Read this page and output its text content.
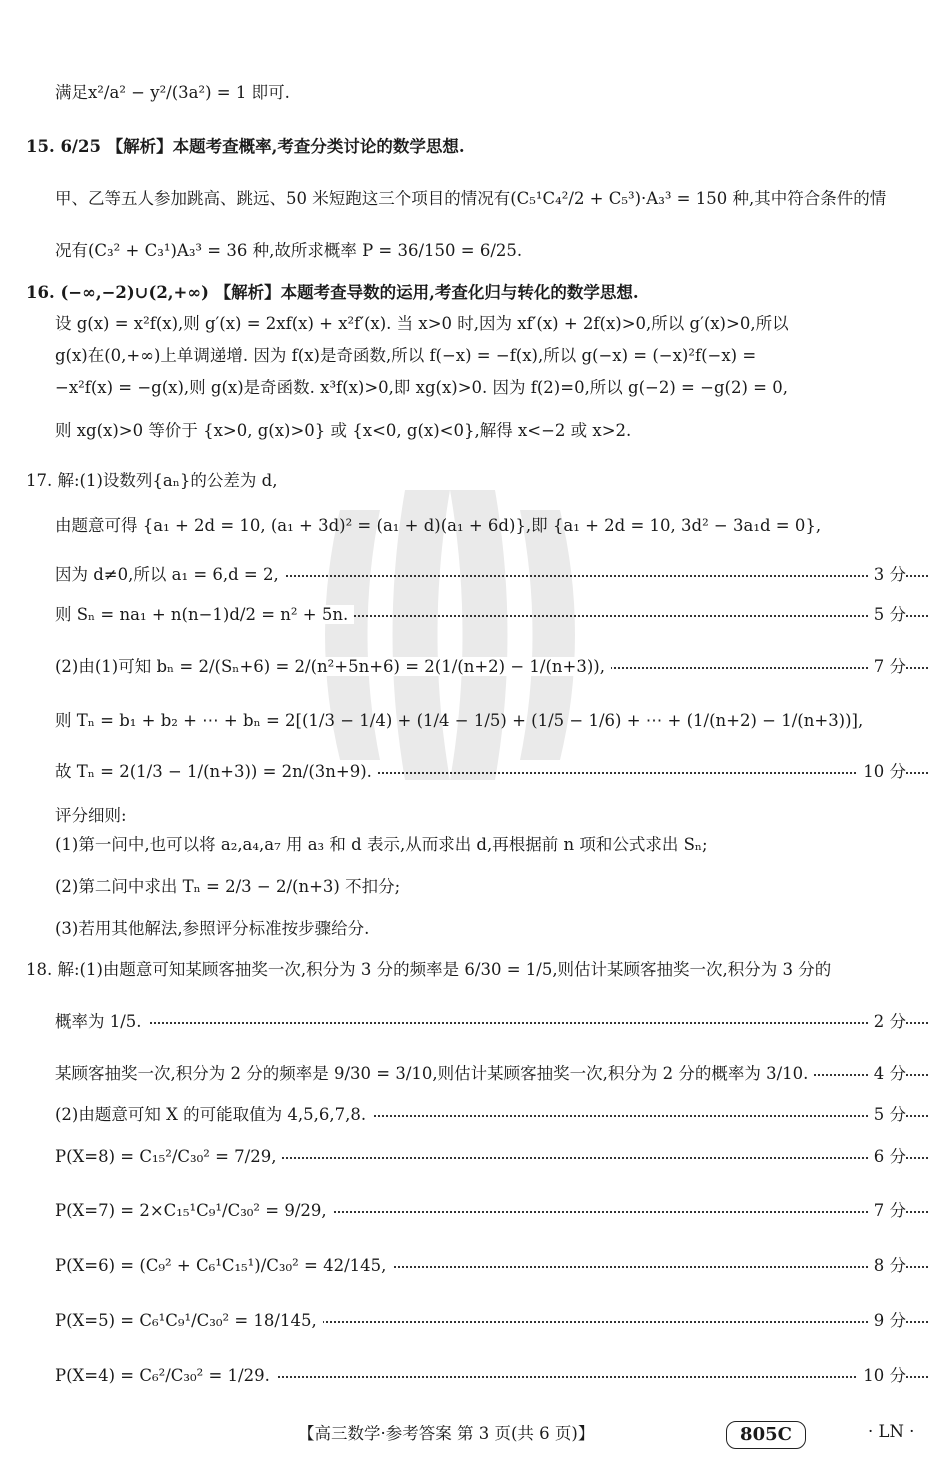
满足x²/a² − y²/(3a²) = 1 即可.
15. 6/25 【解析】本题考查概率,考查分类讨论的数学思想.
甲、乙等五人参加跳高、跳远、50 米短跑这三个项目的情况有(C₅¹C₄²/2 + C₅³)·A₃³ = 150 种,其中符合条件的情
况有(C₃² + C₃¹)A₃³ = 36 种,故所求概率 P = 36/150 = 6/25.
16. (−∞,−2)∪(2,+∞) 【解析】本题考查导数的运用,考查化归与转化的数学思想.
设 g(x) = x²f(x),则 g′(x) = 2xf(x) + x²f′(x). 当 x>0 时,因为 xf′(x) + 2f(x)>0,所以 g′(x)>0,所以
g(x)在(0,+∞)上单调递增. 因为 f(x)是奇函数,所以 f(−x) = −f(x),所以 g(−x) = (−x)²f(−x) =
−x²f(x) = −g(x),则 g(x)是奇函数. x³f(x)>0,即 xg(x)>0. 因为 f(2)=0,所以 g(−2) = −g(2) = 0,
则 xg(x)>0 等价于 {x>0, g(x)>0} 或 {x<0, g(x)<0},解得 x<−2 或 x>2.
17. 解:(1)设数列{aₙ}的公差为 d,
由题意可得 {a₁ + 2d = 10, (a₁ + 3d)² = (a₁ + d)(a₁ + 6d)},即 {a₁ + 2d = 10, 3d² − 3a₁d = 0},
因为 d≠0,所以 a₁ = 6,d = 2,	3 分
则 Sₙ = na₁ + n(n−1)d/2 = n² + 5n.	5 分
(2)由(1)可知 bₙ = 2/(Sₙ+6) = 2/(n²+5n+6) = 2(1/(n+2) − 1/(n+3)),	7 分
则 Tₙ = b₁ + b₂ + ⋯ + bₙ = 2[(1/3 − 1/4) + (1/4 − 1/5) + (1/5 − 1/6) + ⋯ + (1/(n+2) − 1/(n+3))],
故 Tₙ = 2(1/3 − 1/(n+3)) = 2n/(3n+9).	10 分
评分细则:
(1)第一问中,也可以将 a₂,a₄,a₇ 用 a₃ 和 d 表示,从而求出 d,再根据前 n 项和公式求出 Sₙ;
(2)第二问中求出 Tₙ = 2/3 − 2/(n+3) 不扣分;
(3)若用其他解法,参照评分标准按步骤给分.
18. 解:(1)由题意可知某顾客抽奖一次,积分为 3 分的频率是 6/30 = 1/5,则估计某顾客抽奖一次,积分为 3 分的
概率为 1/5.	2 分
某顾客抽奖一次,积分为 2 分的频率是 9/30 = 3/10,则估计某顾客抽奖一次,积分为 2 分的概率为 3/10.	4 分
(2)由题意可知 X 的可能取值为 4,5,6,7,8.	5 分
P(X=8) = C₁₅²/C₃₀² = 7/29,	6 分
P(X=7) = 2×C₁₅¹C₉¹/C₃₀² = 9/29,	7 分
P(X=6) = (C₉² + C₆¹C₁₅¹)/C₃₀² = 42/145,	8 分
P(X=5) = C₆¹C₉¹/C₃₀² = 18/145,	9 分
P(X=4) = C₆²/C₃₀² = 1/29.	10 分
【高三数学·参考答案 第 3 页(共 6 页)】	805C	· LN ·
